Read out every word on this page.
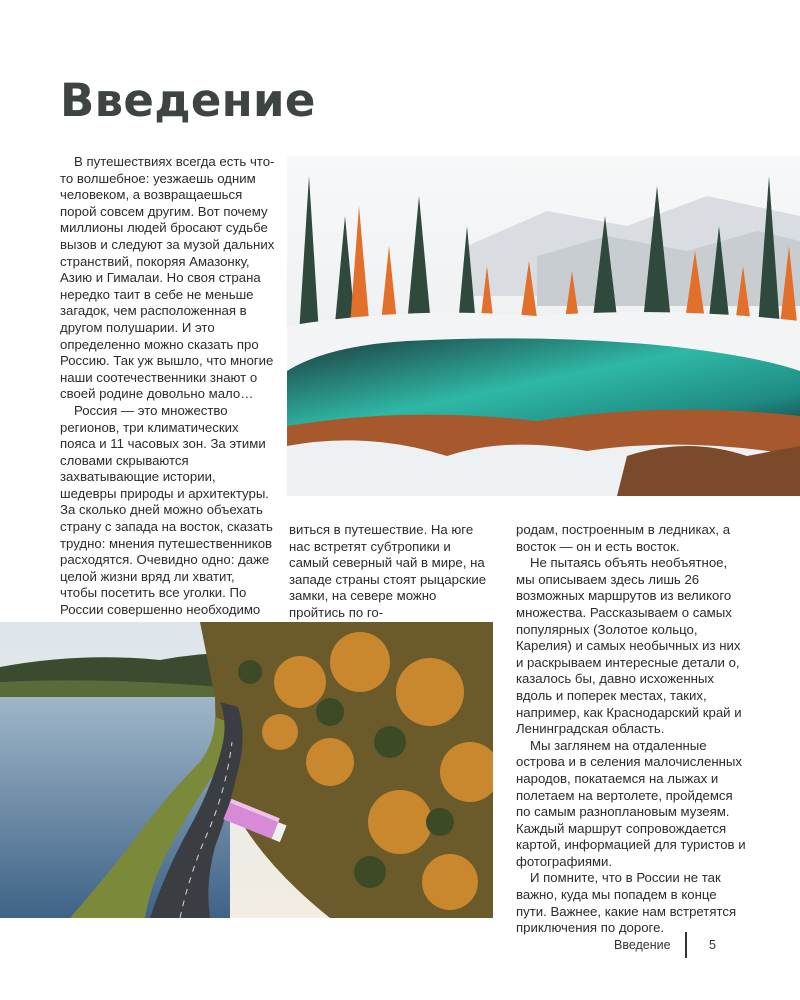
Введение

В путешествиях всегда есть что-то волшебное: уезжаешь одним человеком, а возвращаешься порой совсем другим. Вот почему миллионы людей бросают судьбе вызов и следуют за музой дальних странствий, покоряя Амазонку, Азию и Гималаи. Но своя страна нередко таит в себе не меньше загадок, чем расположенная в другом полушарии. И это определенно можно сказать про Россию. Так уж вышло, что многие наши соотечественники знают о своей родине довольно мало…

Россия — это множество регионов, три климатических пояса и 11 часовых зон. За этими словами скрываются захватывающие истории, шедевры природы и архитектуры. За сколько дней можно объехать страну с запада на восток, сказать трудно: мнения путешественников расходятся. Очевидно одно: даже целой жизни вряд ли хватит, чтобы посетить все уголки. По России совершенно необходимо

виться в путешествие. На юге нас встретят субтропики и самый северный чай в мире, на западе страны стоят рыцарские замки, на севере можно пройтись по го-

родам, построенным в ледниках, а восток — он и есть восток.

Не пытаясь объять необъятное, мы описываем здесь лишь 26 возможных маршрутов из великого множества. Рассказываем о самых популярных (Золотое кольцо, Карелия) и самых необычных из них и раскрываем интересные детали о, казалось бы, давно исхоженных вдоль и поперек местах, таких, например, как Краснодарский край и Ленинградская область.

Мы заглянем на отдаленные острова и в селения малочисленных народов, покатаемся на лыжах и полетаем на вертолете, пройдемся по самым разноплановым музеям. Каждый маршрут сопровождается картой, информацией для туристов и фотографиями.

И помните, что в России не так важно, куда мы попадем в конце пути. Важнее, какие нам встретятся приключения по дороге.

Введение	5
